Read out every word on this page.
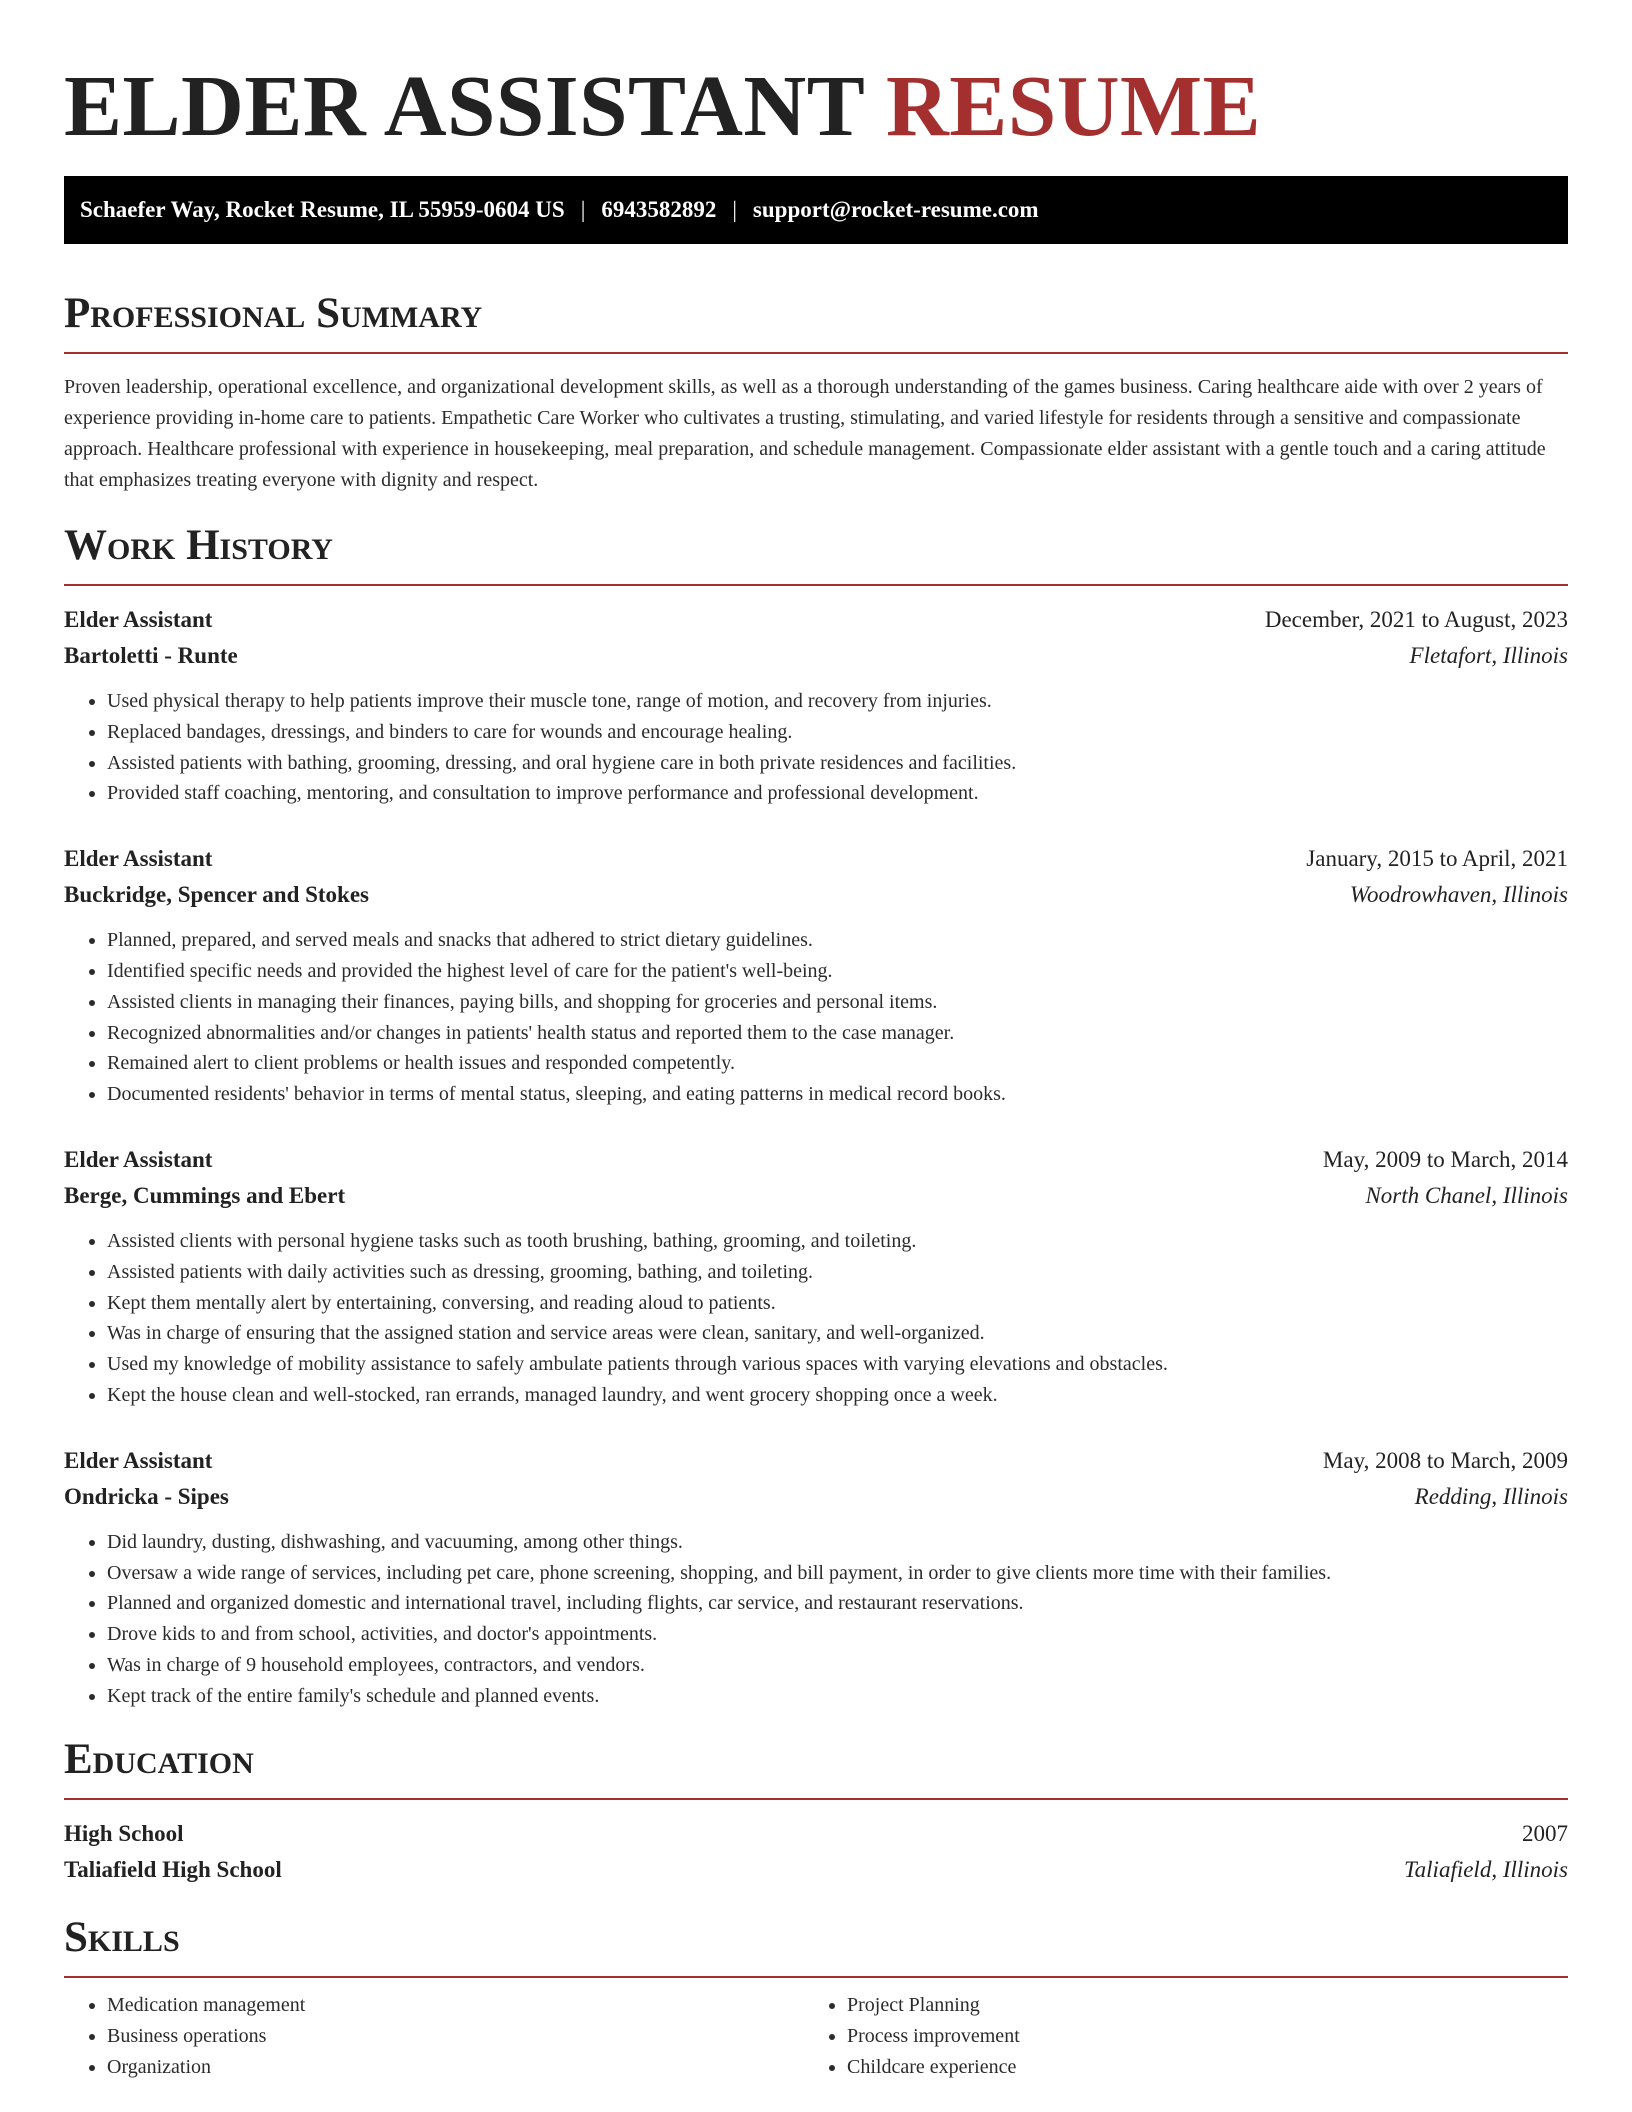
ELDER ASSISTANT RESUME
Schaefer Way, Rocket Resume, IL 55959-0604 US | 6943582892 | support@rocket-resume.com
Professional Summary

Proven leadership, operational excellence, and organizational development skills, as well as a thorough understanding of the games business. Caring healthcare aide with over 2 years of experience providing in-home care to patients. Empathetic Care Worker who cultivates a trusting, stimulating, and varied lifestyle for residents through a sensitive and compassionate approach. Healthcare professional with experience in housekeeping, meal preparation, and schedule management. Compassionate elder assistant with a gentle touch and a caring attitude that emphasizes treating everyone with dignity and respect.

Work History
Elder Assistant	December, 2021 to August, 2023
Bartoletti - Runte	Fletafort, Illinois
• Used physical therapy to help patients improve their muscle tone, range of motion, and recovery from injuries.
• Replaced bandages, dressings, and binders to care for wounds and encourage healing.
• Assisted patients with bathing, grooming, dressing, and oral hygiene care in both private residences and facilities.
• Provided staff coaching, mentoring, and consultation to improve performance and professional development.
Elder Assistant	January, 2015 to April, 2021
Buckridge, Spencer and Stokes	Woodrowhaven, Illinois
• Planned, prepared, and served meals and snacks that adhered to strict dietary guidelines.
• Identified specific needs and provided the highest level of care for the patient's well-being.
• Assisted clients in managing their finances, paying bills, and shopping for groceries and personal items.
• Recognized abnormalities and/or changes in patients' health status and reported them to the case manager.
• Remained alert to client problems or health issues and responded competently.
• Documented residents' behavior in terms of mental status, sleeping, and eating patterns in medical record books.
Elder Assistant	May, 2009 to March, 2014
Berge, Cummings and Ebert	North Chanel, Illinois
• Assisted clients with personal hygiene tasks such as tooth brushing, bathing, grooming, and toileting.
• Assisted patients with daily activities such as dressing, grooming, bathing, and toileting.
• Kept them mentally alert by entertaining, conversing, and reading aloud to patients.
• Was in charge of ensuring that the assigned station and service areas were clean, sanitary, and well-organized.
• Used my knowledge of mobility assistance to safely ambulate patients through various spaces with varying elevations and obstacles.
• Kept the house clean and well-stocked, ran errands, managed laundry, and went grocery shopping once a week.
Elder Assistant	May, 2008 to March, 2009
Ondricka - Sipes	Redding, Illinois
• Did laundry, dusting, dishwashing, and vacuuming, among other things.
• Oversaw a wide range of services, including pet care, phone screening, shopping, and bill payment, in order to give clients more time with their families.
• Planned and organized domestic and international travel, including flights, car service, and restaurant reservations.
• Drove kids to and from school, activities, and doctor's appointments.
• Was in charge of 9 household employees, contractors, and vendors.
• Kept track of the entire family's schedule and planned events.
Education
High School	2007
Taliafield High School	Taliafield, Illinois
Skills
• Medication management
• Business operations
• Organization
• Project Planning
• Process improvement
• Childcare experience
